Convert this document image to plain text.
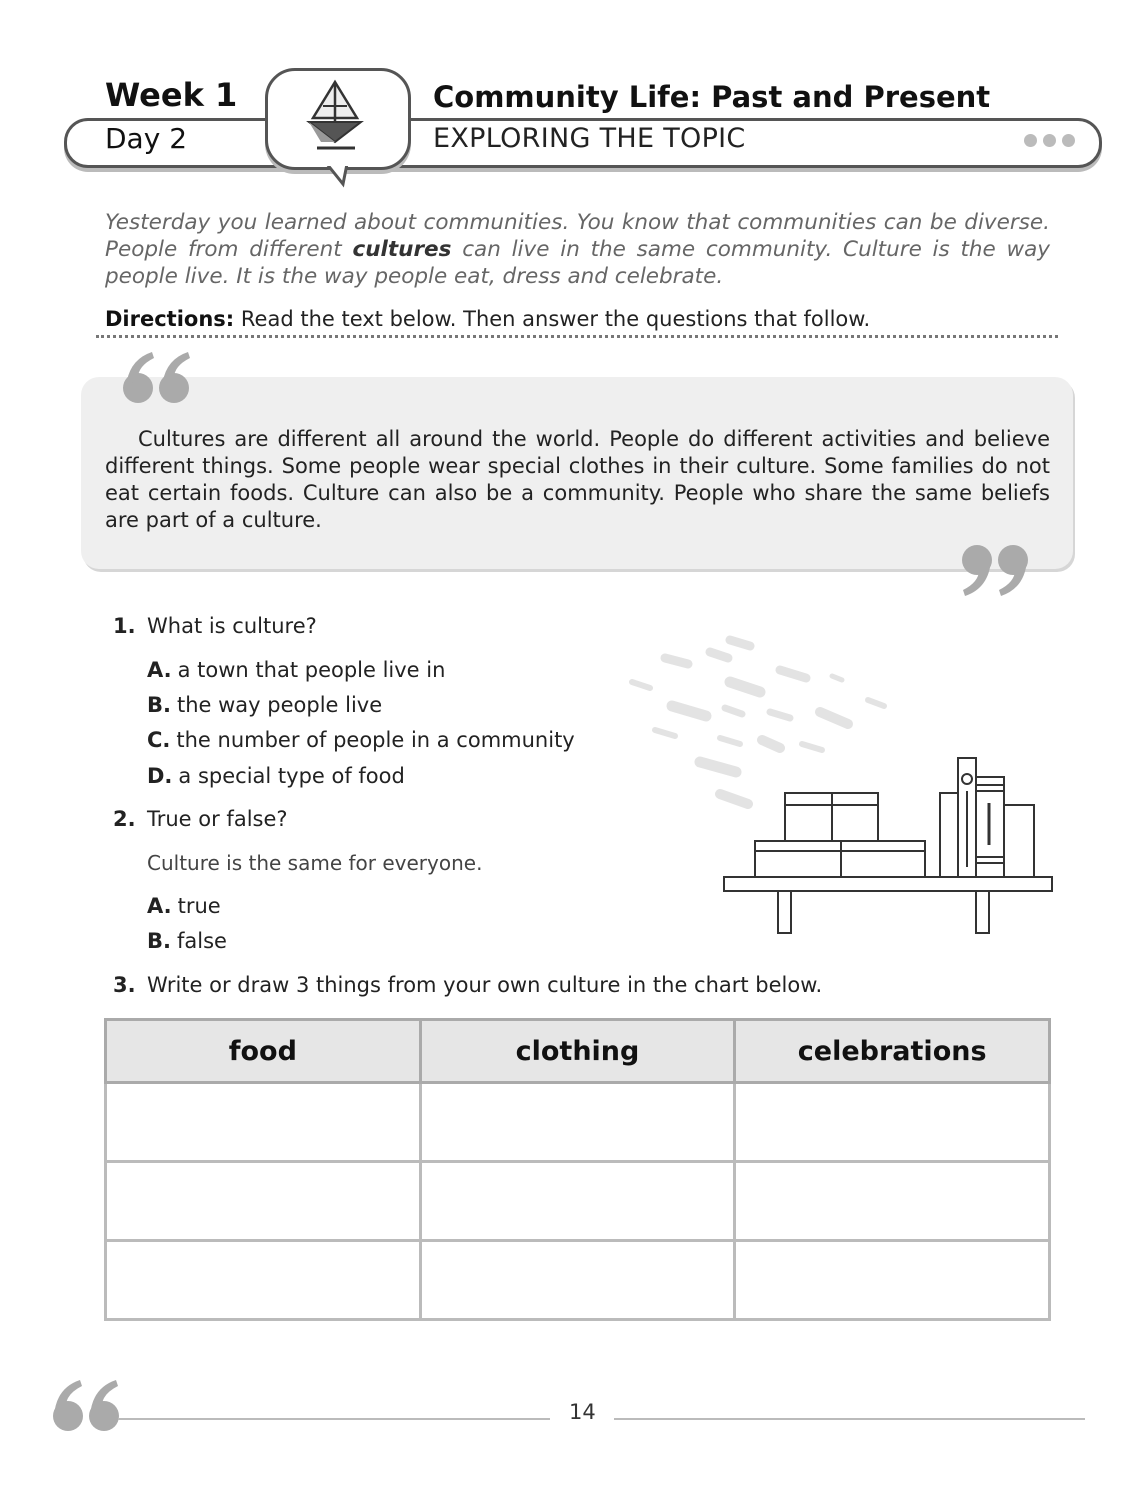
Week 1
Day 2
Community Life: Past and Present
EXPLORING THE TOPIC
Yesterday you learned about communities. You know that communities can be diverse. People from different cultures can live in the same community. Culture is the way people live. It is the way people eat, dress and celebrate.
Directions: Read the text below. Then answer the questions that follow.
Cultures are different all around the world. People do different activities and believe different things. Some people wear special clothes in their culture. Some families do not eat certain foods. Culture can also be a community. People who share the same beliefs are part of a culture.
1. What is culture?
A. a town that people live in
B. the way people live
C. the number of people in a community
D. a special type of food
2. True or false?
Culture is the same for everyone.
A. true
B. false
3. Write or draw 3 things from your own culture in the chart below.
food	clothing	celebrations

14
